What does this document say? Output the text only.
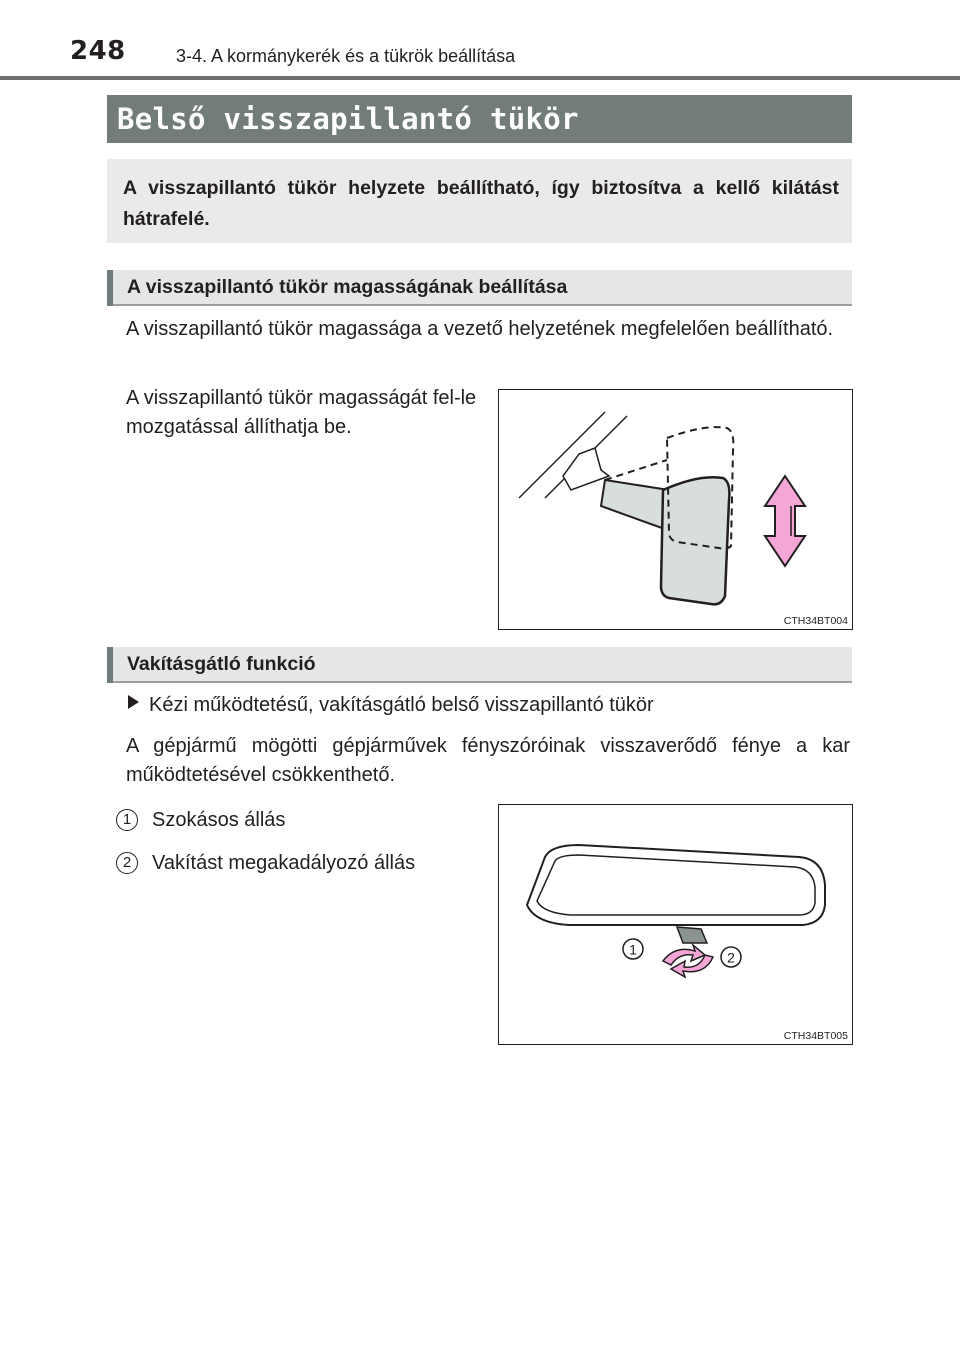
248	3-4. A kormánykerék és a tükrök beállítása
Belső visszapillantó tükör

A visszapillantó tükör helyzete beállítható, így biztosítva a kellő kilátást hátrafelé.

A visszapillantó tükör magasságának beállítása

A visszapillantó tükör magassága a vezető helyzetének megfelelően beállítható.

A visszapillantó tükör magasságát fel-le mozgatással állíthatja be.

CTH34BT004
Vakításgátló funkció
Kézi működtetésű, vakításgátló belső visszapillantó tükör

A gépjármű mögötti gépjárművek fényszóróinak visszaverődő fénye a kar működtetésével csökkenthető.

1	Szokásos állás
2	Vakítást megakadályozó állás
1	2
CTH34BT005
